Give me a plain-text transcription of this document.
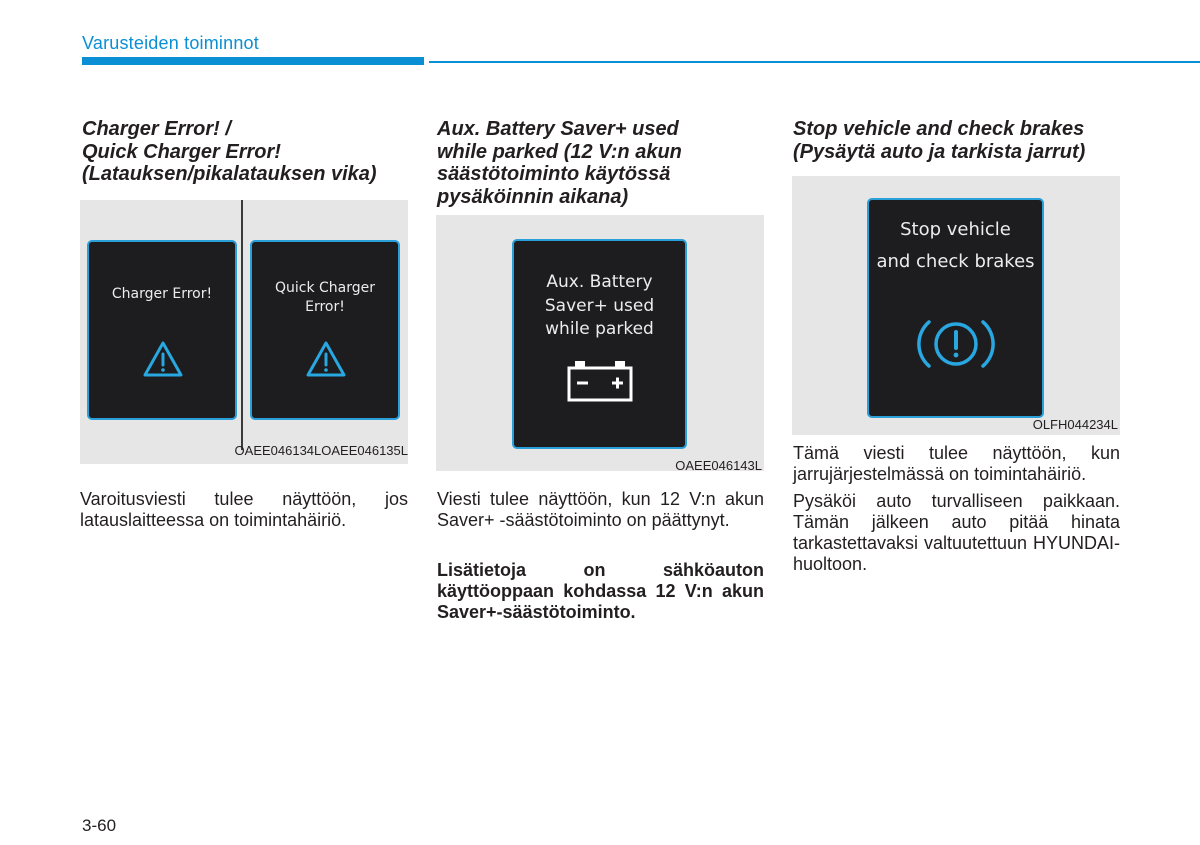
Varusteiden toiminnot
Charger Error! /
Quick Charger Error!
(Latauksen/pikalatauksen vika)
Charger Error!	Quick Charger
Error!
OAEE046134LOAEE046135L

Varoitusviesti tulee näyttöön, jos latauslaitteessa on toimintahäiriö.

Aux. Battery Saver+ used
while parked (12 V:n akun
säästötoiminto käytössä
pysäköinnin aikana)
Aux. Battery
Saver+ used
while parked
OAEE046143L

Viesti tulee näyttöön, kun 12 V:n akun Saver+ -säästötoiminto on päättynyt.

Lisätietoja on sähköauton käyttöoppaan kohdassa 12 V:n akun Saver+-säästötoiminto.

Stop vehicle and check brakes
(Pysäytä auto ja tarkista jarrut)
Stop vehicle
and check brakes
OLFH044234L

Tämä viesti tulee näyttöön, kun jarrujärjestelmässä on toimintahäiriö.

Pysäköi auto turvalliseen paikkaan. Tämän jälkeen auto pitää hinata tarkastettavaksi valtuutettuun HYUNDAI-huoltoon.

3-60
